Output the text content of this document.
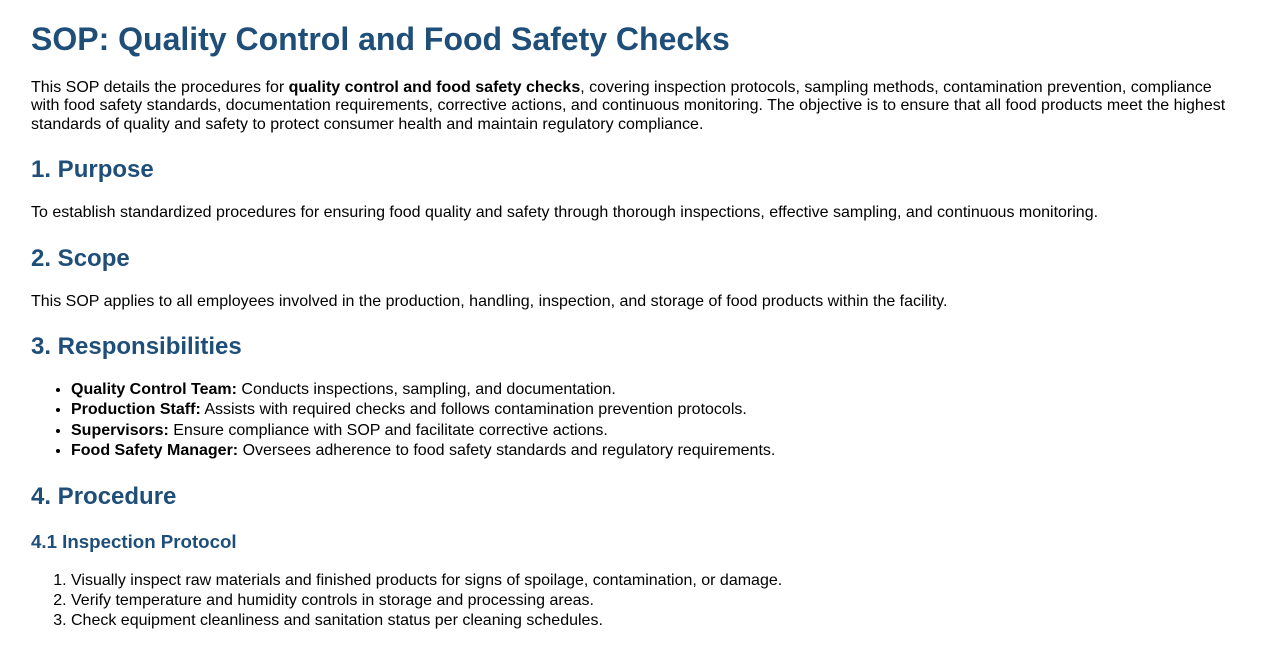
SOP: Quality Control and Food Safety Checks

This SOP details the procedures for quality control and food safety checks, covering inspection protocols, sampling methods, contamination prevention, compliance with food safety standards, documentation requirements, corrective actions, and continuous monitoring. The objective is to ensure that all food products meet the highest standards of quality and safety to protect consumer health and maintain regulatory compliance.

1. Purpose

To establish standardized procedures for ensuring food quality and safety through thorough inspections, effective sampling, and continuous monitoring.

2. Scope

This SOP applies to all employees involved in the production, handling, inspection, and storage of food products within the facility.

3. Responsibilities
• Quality Control Team: Conducts inspections, sampling, and documentation.
• Production Staff: Assists with required checks and follows contamination prevention protocols.
• Supervisors: Ensure compliance with SOP and facilitate corrective actions.
• Food Safety Manager: Oversees adherence to food safety standards and regulatory requirements.
4. Procedure
4.1 Inspection Protocol
1. Visually inspect raw materials and finished products for signs of spoilage, contamination, or damage.
2. Verify temperature and humidity controls in storage and processing areas.
3. Check equipment cleanliness and sanitation status per cleaning schedules.
